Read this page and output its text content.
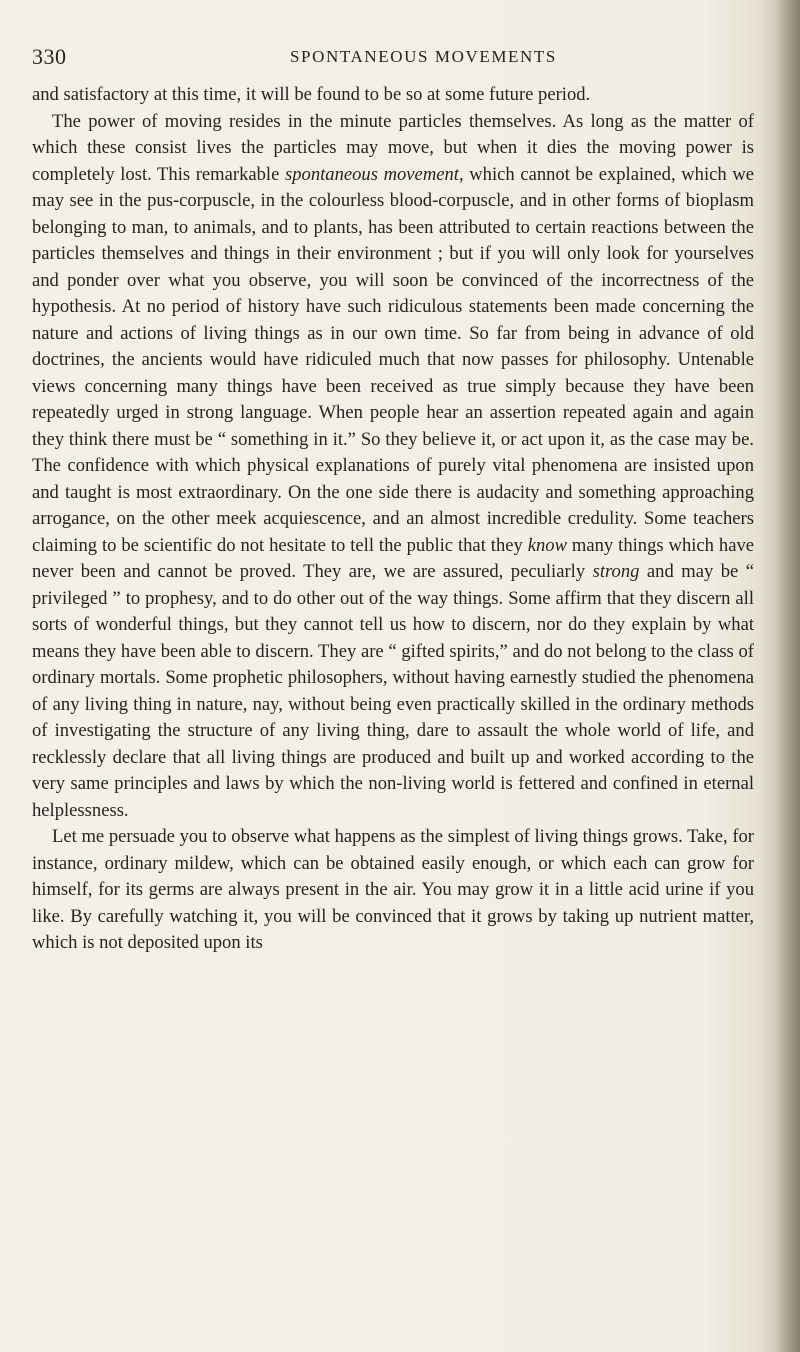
330	SPONTANEOUS MOVEMENTS

and satisfactory at this time, it will be found to be so at some future period.

The power of moving resides in the minute particles themselves. As long as the matter of which these consist lives the particles may move, but when it dies the moving power is completely lost. This remarkable spontaneous movement, which cannot be explained, which we may see in the pus-corpuscle, in the colourless blood-corpuscle, and in other forms of bioplasm belonging to man, to animals, and to plants, has been attributed to certain reactions between the particles themselves and things in their environment ; but if you will only look for yourselves and ponder over what you observe, you will soon be convinced of the incorrectness of the hypothesis. At no period of history have such ridiculous statements been made concerning the nature and actions of living things as in our own time. So far from being in advance of old doctrines, the ancients would have ridiculed much that now passes for philosophy. Untenable views concerning many things have been received as true simply because they have been repeatedly urged in strong language. When people hear an assertion repeated again and again they think there must be “ something in it.” So they believe it, or act upon it, as the case may be. The confidence with which physical explanations of purely vital phenomena are insisted upon and taught is most extraordinary. On the one side there is audacity and something approaching arrogance, on the other meek acquiescence, and an almost incredible credulity. Some teachers claiming to be scientific do not hesitate to tell the public that they know many things which have never been and cannot be proved. They are, we are assured, peculiarly strong and may be “ privileged ” to prophesy, and to do other out of the way things. Some affirm that they discern all sorts of wonderful things, but they cannot tell us how to discern, nor do they explain by what means they have been able to discern. They are “ gifted spirits,” and do not belong to the class of ordinary mortals. Some prophetic philosophers, without having earnestly studied the phenomena of any living thing in nature, nay, without being even practically skilled in the ordinary methods of investigating the structure of any living thing, dare to assault the whole world of life, and recklessly declare that all living things are produced and built up and worked according to the very same principles and laws by which the non-living world is fettered and confined in eternal helplessness.

Let me persuade you to observe what happens as the simplest of living things grows. Take, for instance, ordinary mildew, which can be obtained easily enough, or which each can grow for himself, for its germs are always present in the air. You may grow it in a little acid urine if you like. By carefully watching it, you will be convinced that it grows by taking up nutrient matter, which is not deposited upon its
